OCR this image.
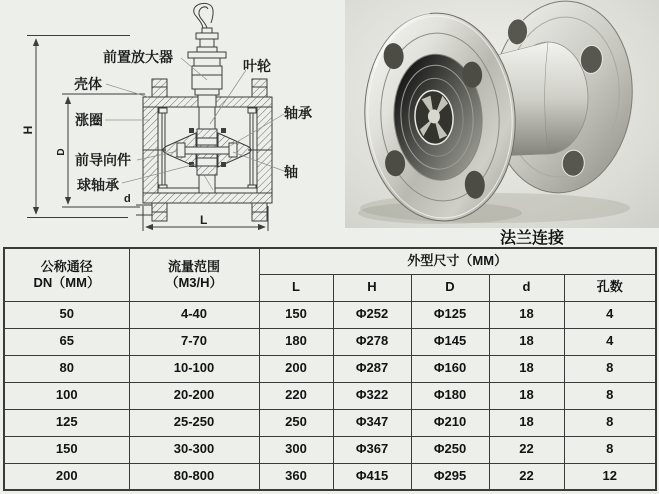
前置放大器
叶轮
壳体
涨圈
前导向件
球轴承
轴承
轴
H
D
d
L
法兰连接
公称通径
DN（MM）

流量范围
（M3/H）
	外型尺寸（MM）
		L	H	D	d	孔数
50	4-40	150	Φ252	Φ125	18	4
65	7-70	180	Φ278	Φ145	18	4
80	10-100	200	Φ287	Φ160	18	8
100	20-200	220	Φ322	Φ180	18	8
125	25-250	250	Φ347	Φ210	18	8
150	30-300	300	Φ367	Φ250	22	8
200	80-800	360	Φ415	Φ295	22	12
